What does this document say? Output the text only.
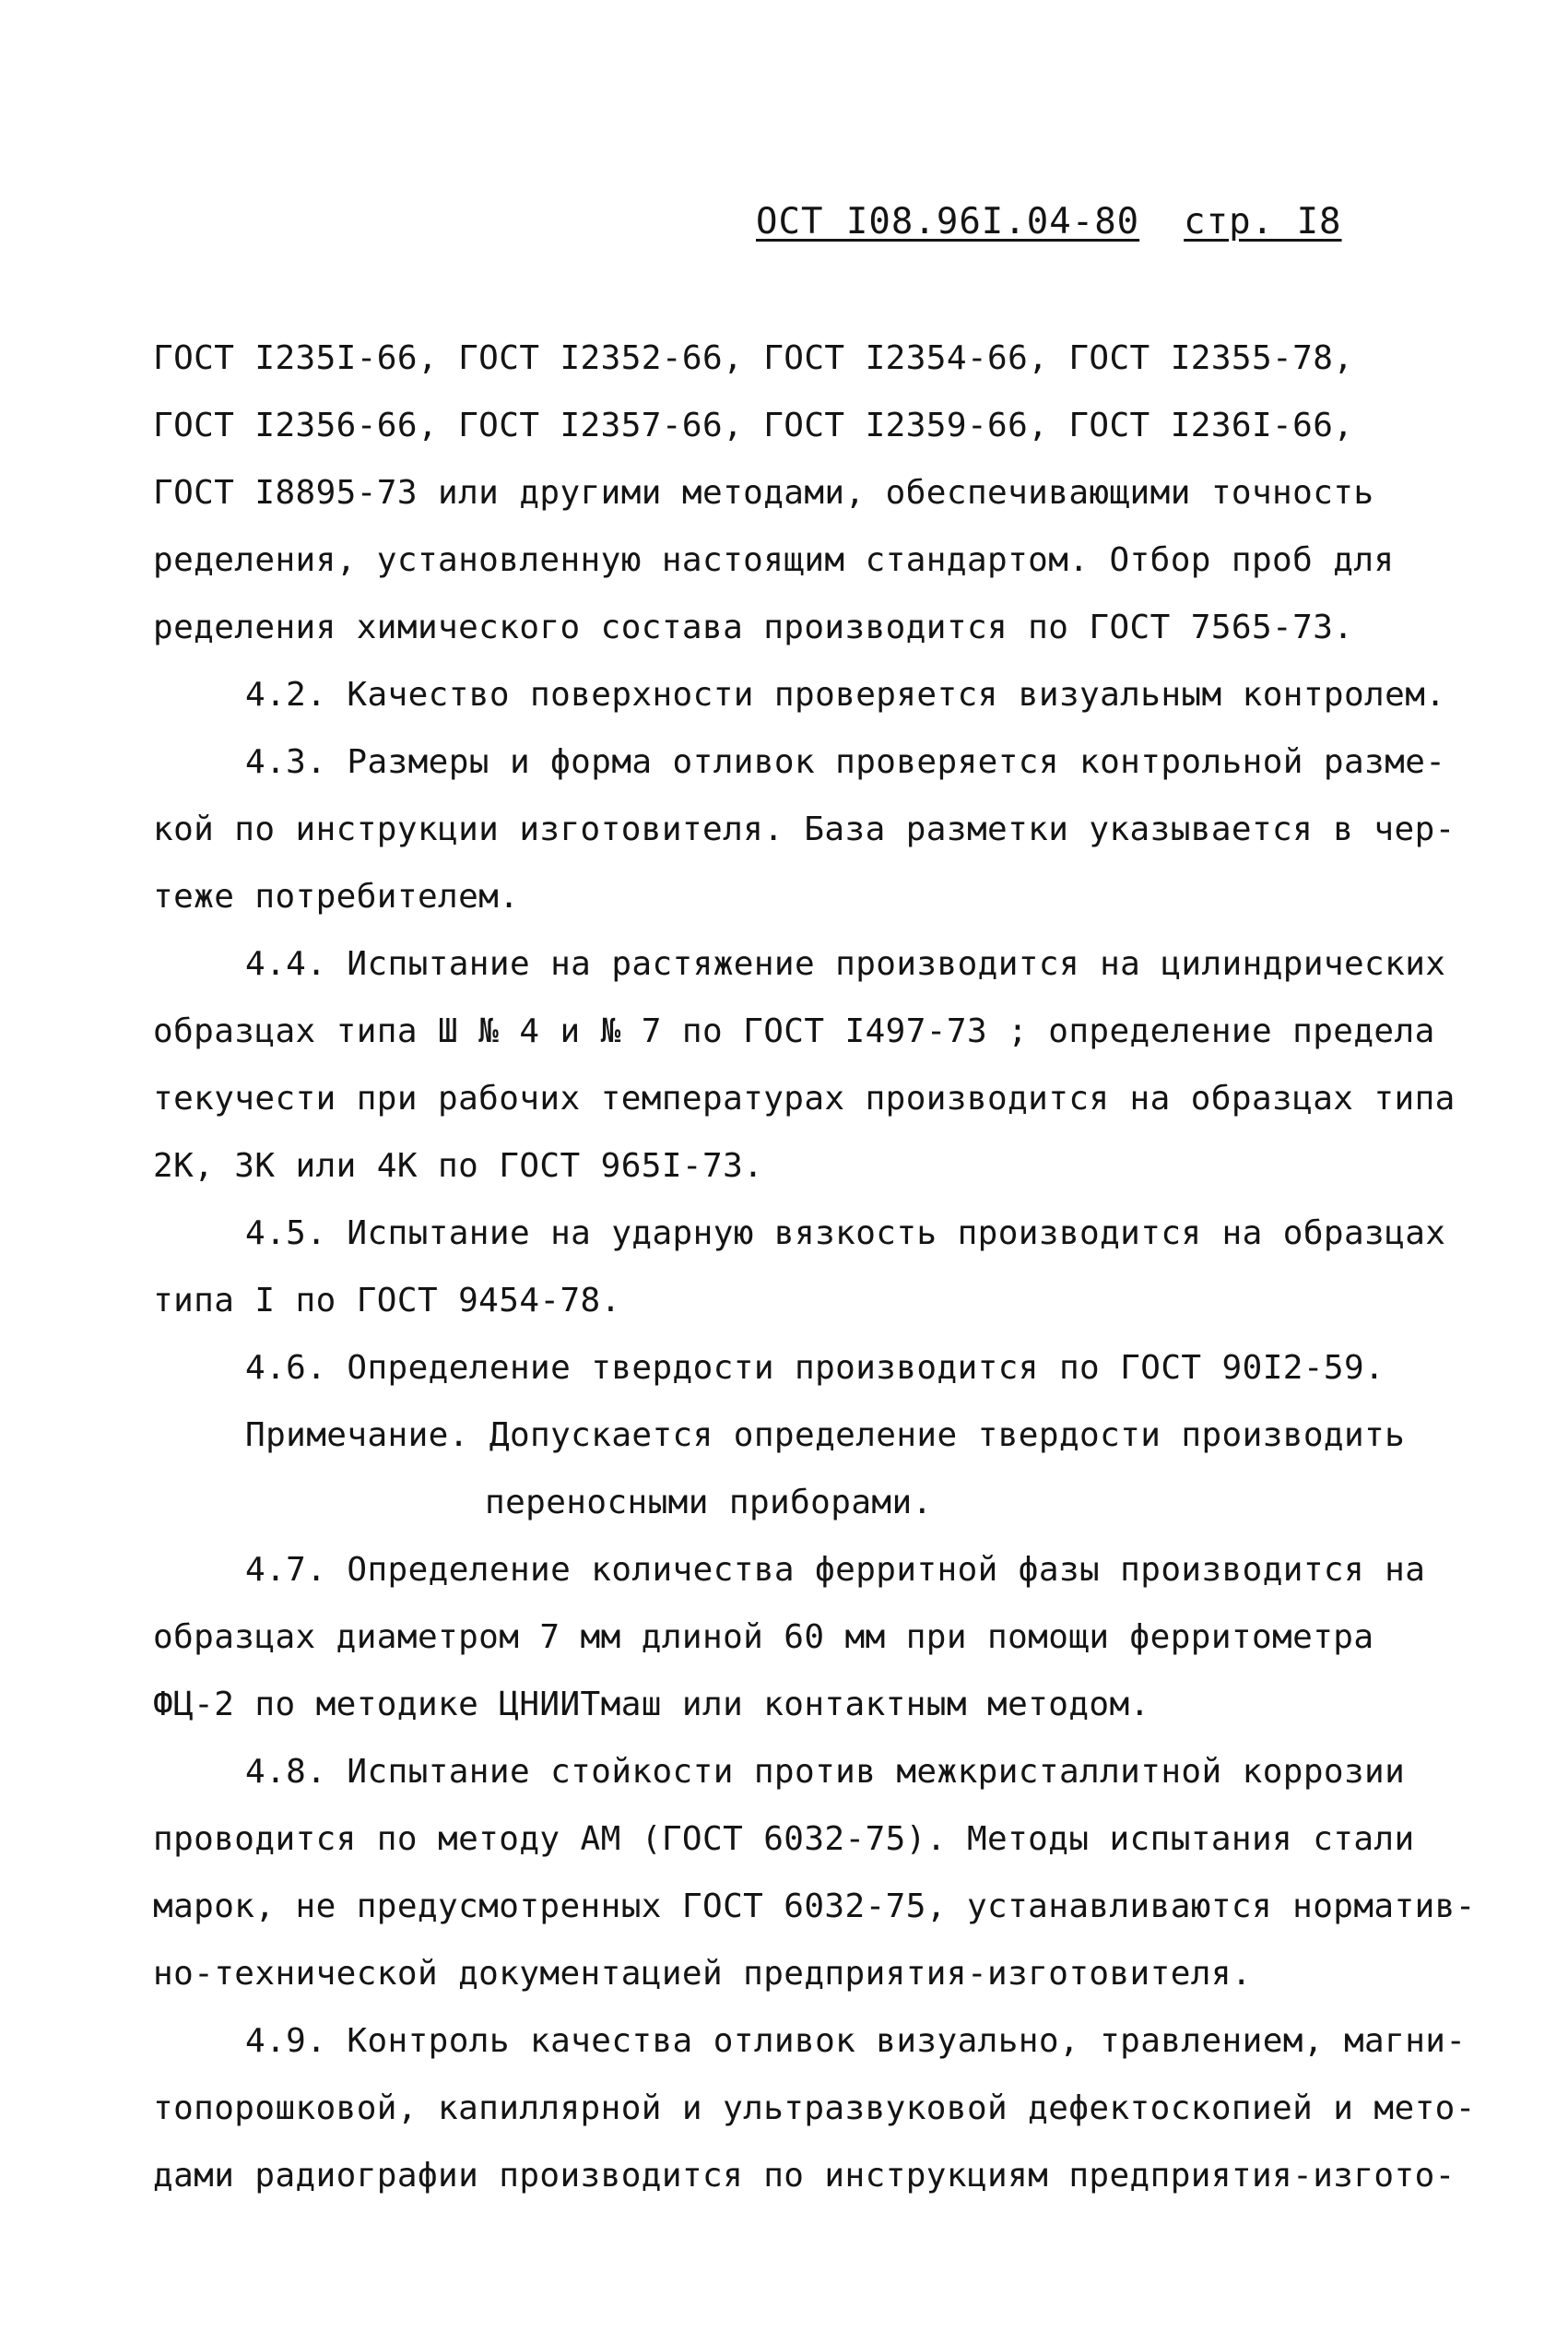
ОСТ I08.96I.04-80 стр. I8
ГОСТ I235I-66, ГОСТ I2352-66, ГОСТ I2354-66, ГОСТ I2355-78,
ГОСТ I2356-66, ГОСТ I2357-66, ГОСТ I2359-66, ГОСТ I236I-66,
ГОСТ I8895-73 или другими методами, обеспечивающими точность
ределения, установленную настоящим стандартом. Отбор проб для
ределения химического состава производится по ГОСТ 7565-73.
4.2. Качество поверхности проверяется визуальным контролем.
4.3. Размеры и форма отливок проверяется контрольной разме-
кой по инструкции изготовителя. База разметки указывается в чер-
теже потребителем.
4.4. Испытание на растяжение производится на цилиндрических
образцах типа Ш № 4 и № 7 по ГОСТ I497-73 ; определение предела
текучести при рабочих температурах производится на образцах типа
2К, 3К или 4К по ГОСТ 965I-73.
4.5. Испытание на ударную вязкость производится на образцах
типа I по ГОСТ 9454-78.
4.6. Определение твердости производится по ГОСТ 90I2-59.
Примечание. Допускается определение твердости производить
переносными приборами.
4.7. Определение количества ферритной фазы производится на
образцах диаметром 7 мм длиной 60 мм при помощи ферритометра
ФЦ-2 по методике ЦНИИТмаш или контактным методом.
4.8. Испытание стойкости против межкристаллитной коррозии
проводится по методу АМ (ГОСТ 6032-75). Методы испытания стали
марок, не предусмотренных ГОСТ 6032-75, устанавливаются норматив-
но-технической документацией предприятия-изготовителя.
4.9. Контроль качества отливок визуально, травлением, магни-
топорошковой, капиллярной и ультразвуковой дефектоскопией и мето-
дами радиографии производится по инструкциям предприятия-изгото-
